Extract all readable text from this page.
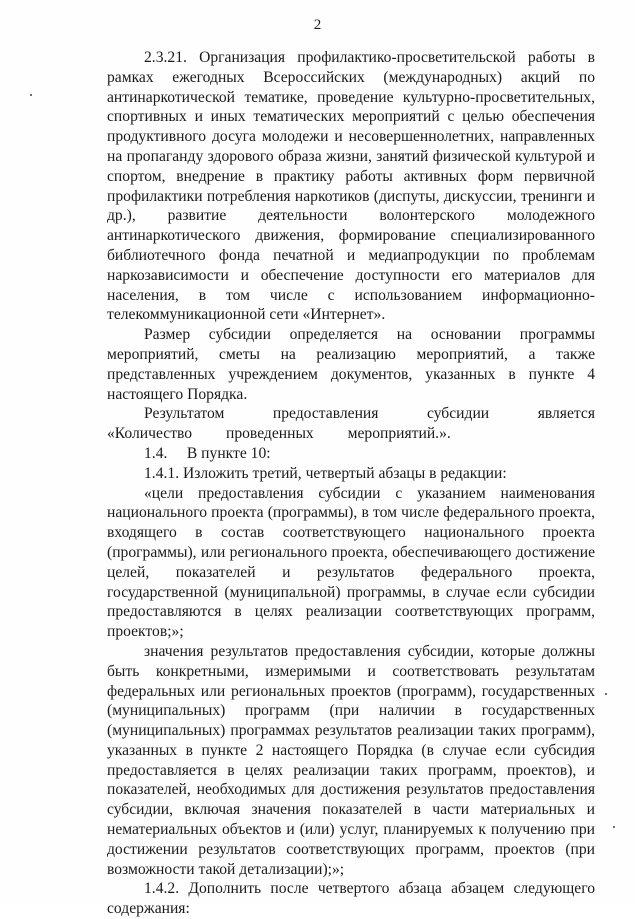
2

2.3.21. Организация профилактико-просветительской работы в рамках ежегодных Всероссийских (международных) акций по антинаркотической тематике, проведение культурно-просветительных, спортивных и иных тематических мероприятий с целью обеспечения продуктивного досуга молодежи и несовершеннолетних, направленных на пропаганду здорового образа жизни, занятий физической культурой и спортом, внедрение в практику работы активных форм первичной профилактики потребления наркотиков (диспуты, дискуссии, тренинги и др.), развитие деятельности волонтерского молодежного антинаркотического движения, формирование специализированного библиотечного фонда печатной и медиапродукции по проблемам наркозависимости и обеспечение доступности его материалов для населения, в том числе с использованием информационно-телекоммуникационной сети «Интернет».

Размер субсидии определяется на основании программы мероприятий, сметы на реализацию мероприятий, а также представленных учреждением документов, указанных в пункте 4 настоящего Порядка.

Результатом предоставления субсидии является «Количество проведенных мероприятий.».

1.4.     В пункте 10:

1.4.1. Изложить третий, четвертый абзацы в редакции:

«цели предоставления субсидии с указанием наименования национального проекта (программы), в том числе федерального проекта, входящего в состав соответствующего национального проекта (программы), или регионального проекта, обеспечивающего достижение целей, показателей и результатов федерального проекта, государственной (муниципальной) программы, в случае если субсидии предоставляются в целях реализации соответствующих программ, проектов;»;

значения результатов предоставления субсидии, которые должны быть конкретными, измеримыми и соответствовать результатам федеральных или региональных проектов (программ), государственных (муниципальных) программ (при наличии в государственных (муниципальных) программах результатов реализации таких программ), указанных в пункте 2 настоящего Порядка (в случае если субсидия предоставляется в целях реализации таких программ, проектов), и показателей, необходимых для достижения результатов предоставления субсидии, включая значения показателей в части материальных и нематериальных объектов и (или) услуг, планируемых к получению при достижении результатов соответствующих программ, проектов (при возможности такой детализации);»;

1.4.2. Дополнить после четвертого абзаца абзацем следующего содержания:
